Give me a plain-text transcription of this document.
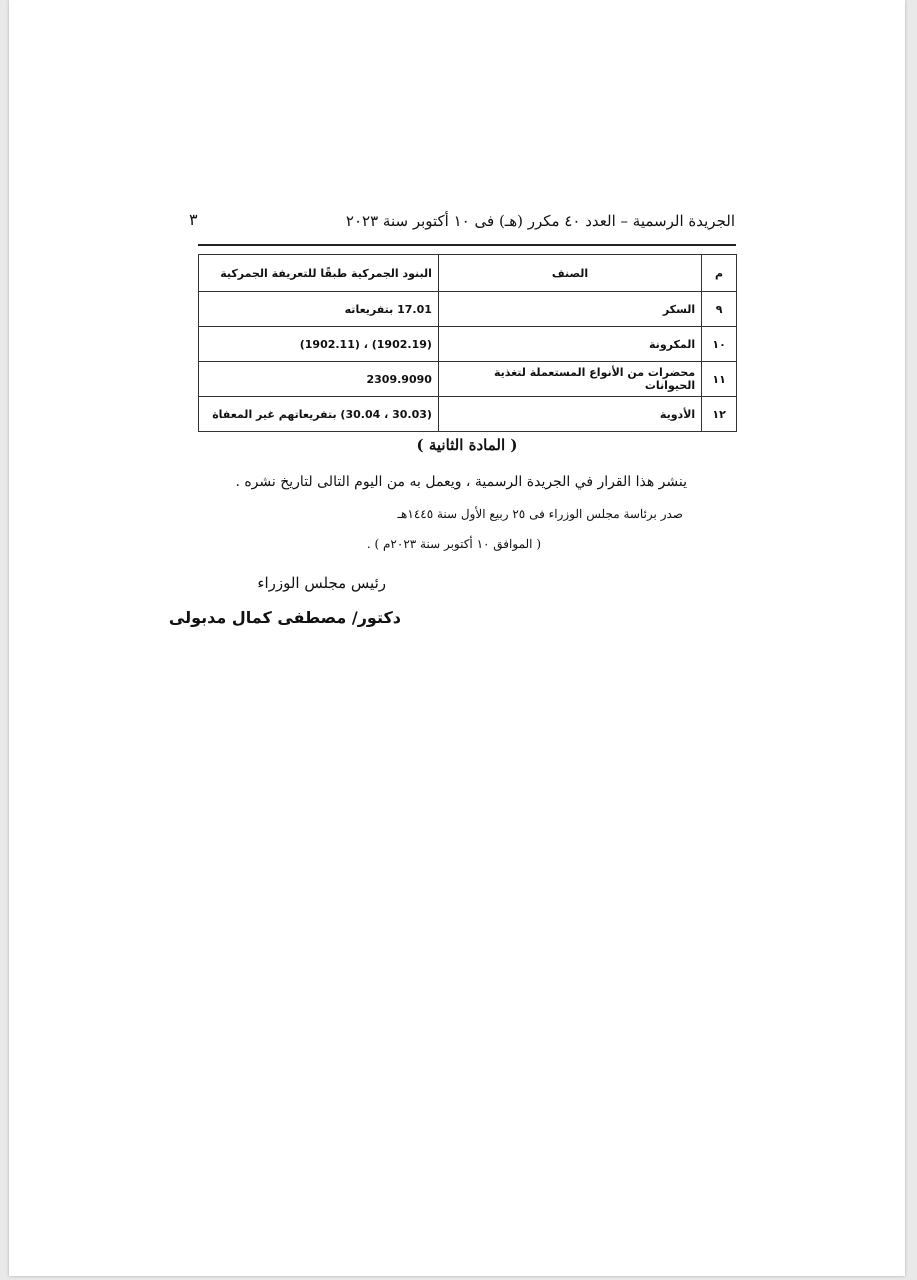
الجريدة الرسمية – العدد ٤٠ مكرر (هـ) فى ١٠ أكتوبر سنة ٢٠٢٣
٣
م	الصنف	البنود الجمركية طبقًا للتعريفة الجمركية
٩	السكر	17.01 بتفريعاته
١٠	المكرونة	(1902.19) ، (1902.11)
١١	محضرات من الأنواع المستعملة لتغذية الحيوانات	2309.9090
١٢	الأدوية	(30.03 ، 30.04) بتفريعاتهم غير المعفاة
( المادة الثانية )
ينشر هذا القرار في الجريدة الرسمية ، ويعمل به من اليوم التالى لتاريخ نشره .
صدر برئاسة مجلس الوزراء فى ٢٥ ربيع الأول سنة ١٤٤٥هـ
( الموافق ١٠ أكتوبر سنة ٢٠٢٣م ) .
رئيس مجلس الوزراء
دكتور/ مصطفى كمال مدبولى
